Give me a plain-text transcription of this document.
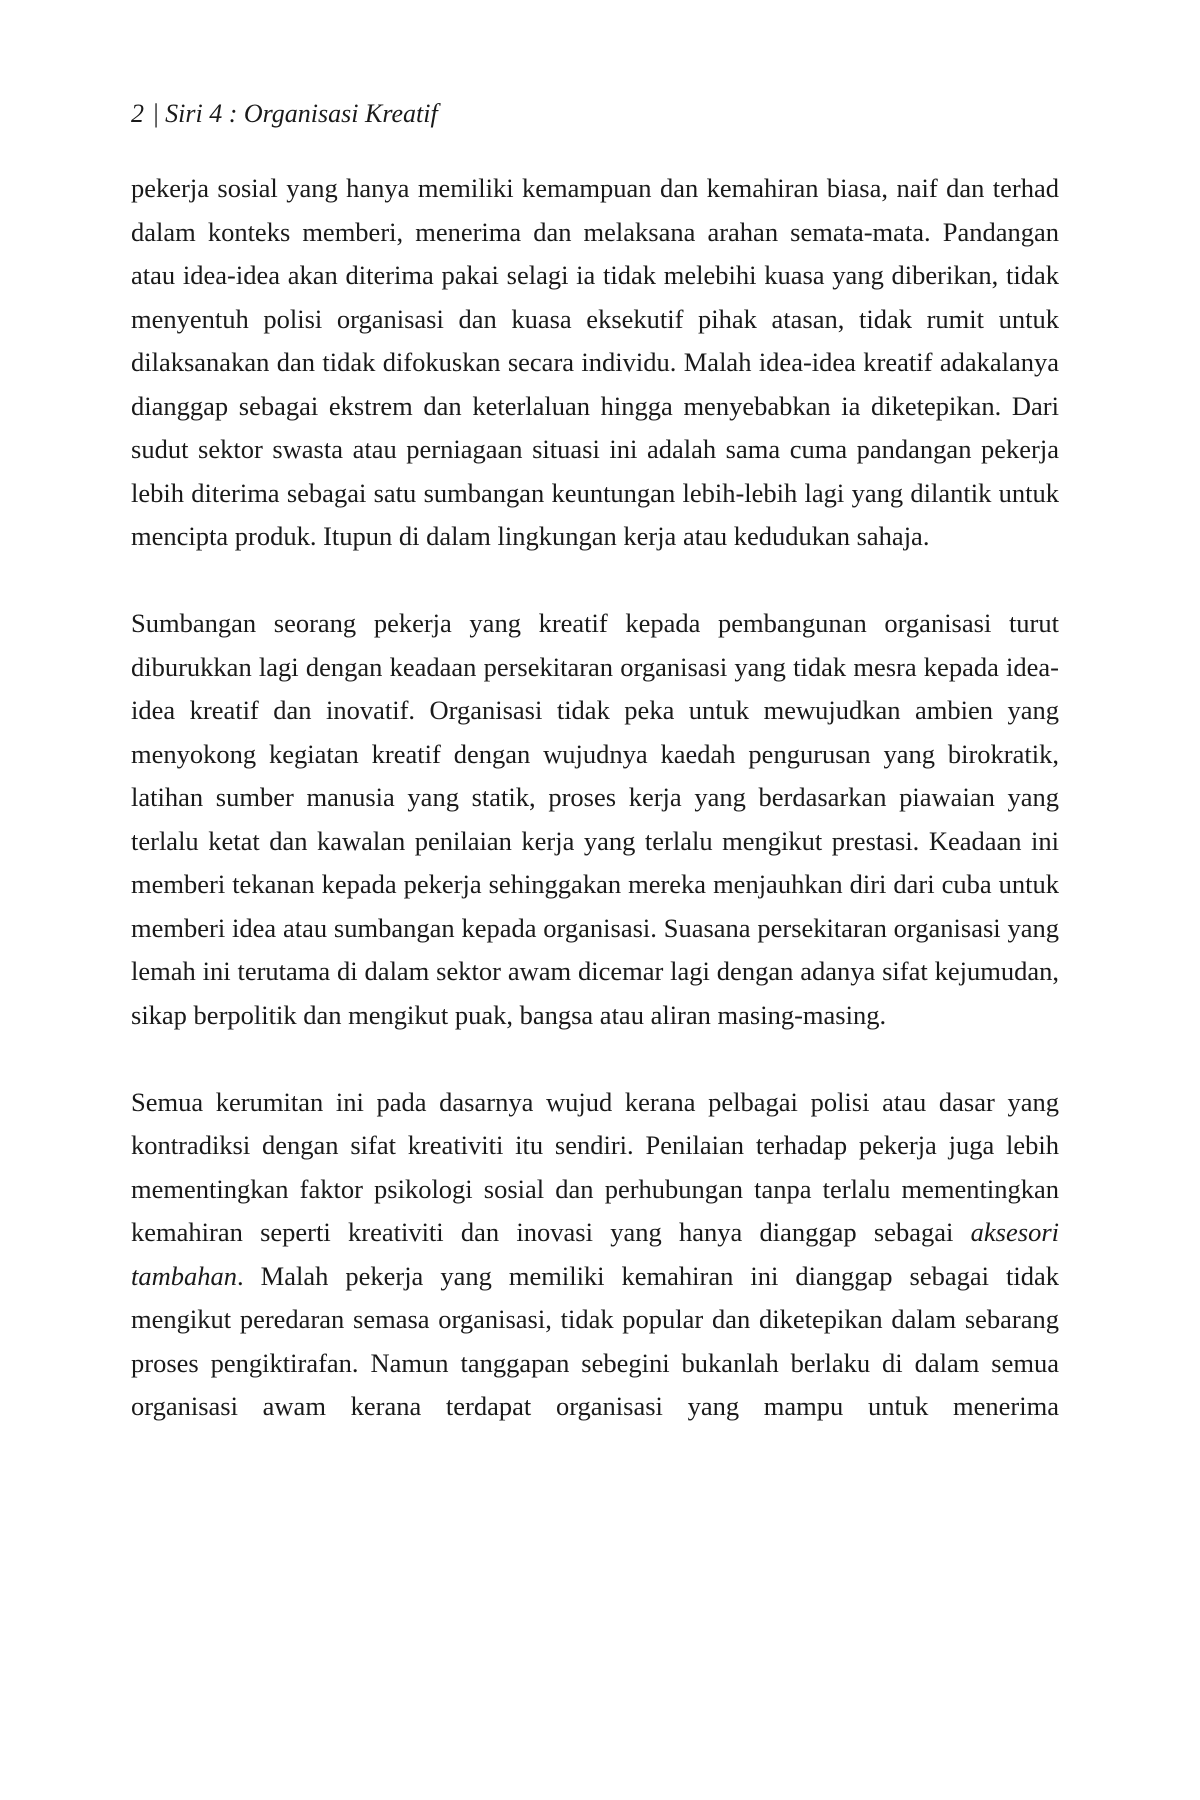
2 | Siri 4 : Organisasi Kreatif

pekerja sosial yang hanya memiliki kemampuan dan kemahiran biasa, naif dan terhad dalam konteks memberi, menerima dan melaksana arahan semata-mata. Pandangan atau idea-idea akan diterima pakai selagi ia tidak melebihi kuasa yang diberikan, tidak menyentuh polisi organisasi dan kuasa eksekutif pihak atasan, tidak rumit untuk dilaksanakan dan tidak difokuskan secara individu. Malah idea-idea kreatif adakalanya dianggap sebagai ekstrem dan keterlaluan hingga menyebabkan ia diketepikan. Dari sudut sektor swasta atau perniagaan situasi ini adalah sama cuma pandangan pekerja lebih diterima sebagai satu sumbangan keuntungan lebih-lebih lagi yang dilantik untuk mencipta produk. Itupun di dalam lingkungan kerja atau kedudukan sahaja.

Sumbangan seorang pekerja yang kreatif kepada pembangunan organisasi turut diburukkan lagi dengan keadaan persekitaran organisasi yang tidak mesra kepada idea-idea kreatif dan inovatif. Organisasi tidak peka untuk mewujudkan ambien yang menyokong kegiatan kreatif dengan wujudnya kaedah pengurusan yang birokratik, latihan sumber manusia yang statik, proses kerja yang berdasarkan piawaian yang terlalu ketat dan kawalan penilaian kerja yang terlalu mengikut prestasi. Keadaan ini memberi tekanan kepada pekerja sehinggakan mereka menjauhkan diri dari cuba untuk memberi idea atau sumbangan kepada organisasi. Suasana persekitaran organisasi yang lemah ini terutama di dalam sektor awam dicemar lagi dengan adanya sifat kejumudan, sikap berpolitik dan mengikut puak, bangsa atau aliran masing-masing.

Semua kerumitan ini pada dasarnya wujud kerana pelbagai polisi atau dasar yang kontradiksi dengan sifat kreativiti itu sendiri. Penilaian terhadap pekerja juga lebih mementingkan faktor psikologi sosial dan perhubungan tanpa terlalu mementingkan kemahiran seperti kreativiti dan inovasi yang hanya dianggap sebagai aksesori tambahan. Malah pekerja yang memiliki kemahiran ini dianggap sebagai tidak mengikut peredaran semasa organisasi, tidak popular dan diketepikan dalam sebarang proses pengiktirafan. Namun tanggapan sebegini bukanlah berlaku di dalam semua organisasi awam kerana terdapat organisasi yang mampu untuk menerima
